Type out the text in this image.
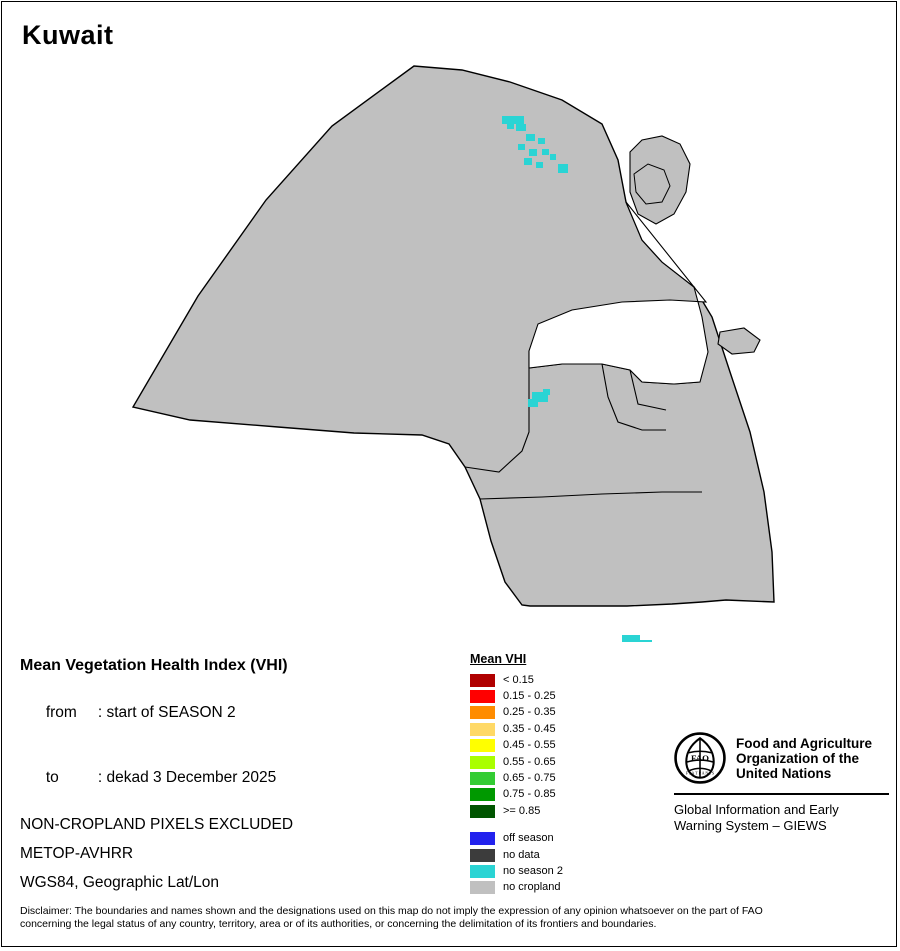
Kuwait
Mean Vegetation Health Index (VHI)

from : start of SEASON 2

to	: dekad 3 December 2025

NON-CROPLAND PIXELS EXCLUDED
METOP-AVHRR
WGS84, Geographic Lat/Lon
Mean VHI
< 0.15
0.15 - 0.25
0.25 - 0.35
0.35 - 0.45
0.45 - 0.55
0.55 - 0.65
0.65 - 0.75
0.75 - 0.85
>= 0.85
off season
no data
no season 2
no cropland
FAO
F I A T P A N I S
Food and Agriculture
Organization of the
United Nations
Global Information and Early
Warning System – GIEWS
Disclaimer: The boundaries and names shown and the designations used on this map do not imply the expression of any opinion whatsoever on the part of FAO
concerning the legal status of any country, territory, area or of its authorities, or concerning the delimitation of its frontiers and boundaries.
